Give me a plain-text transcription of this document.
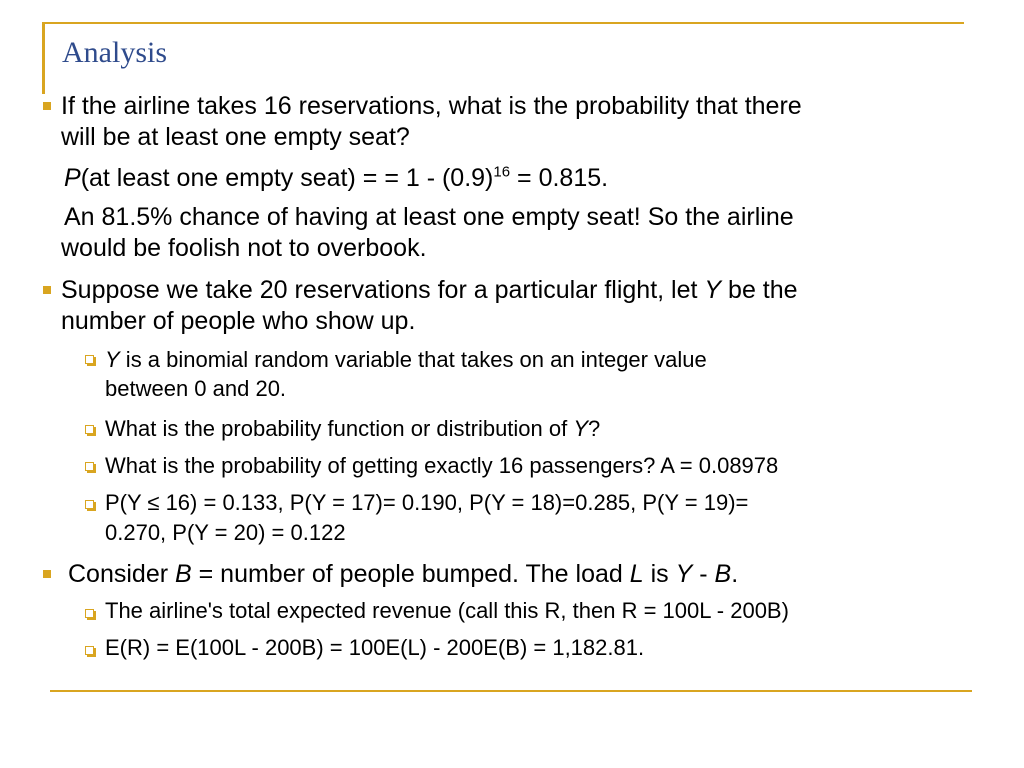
Analysis
If the airline takes 16 reservations, what is the probability that there
will be at least one empty seat?
P(at least one empty seat) = = $1 - (0.9)^{16} = 0.815$.
An 81.5% chance of having at least one empty seat! So the airline
would be foolish not to overbook.
Suppose we take 20 reservations for a particular flight, let Y be the
number of people who show up.
Y is a binomial random variable that takes on an integer value
between 0 and 20.
What is the probability function or distribution of Y?
What is the probability of getting exactly 16 passengers? A = 0.08978
P(Y ≤ 16) = 0.133, P(Y = 17)= 0.190, P(Y = 18)=0.285, P(Y = 19)=
0.270, P(Y = 20) = 0.122
Consider B = number of people bumped. The load L is Y - B.
The airline's total expected revenue (call this R, then R = 100L - 200B)
E(R) = E(100L - 200B) = 100E(L) - 200E(B) = 1,182.81.
